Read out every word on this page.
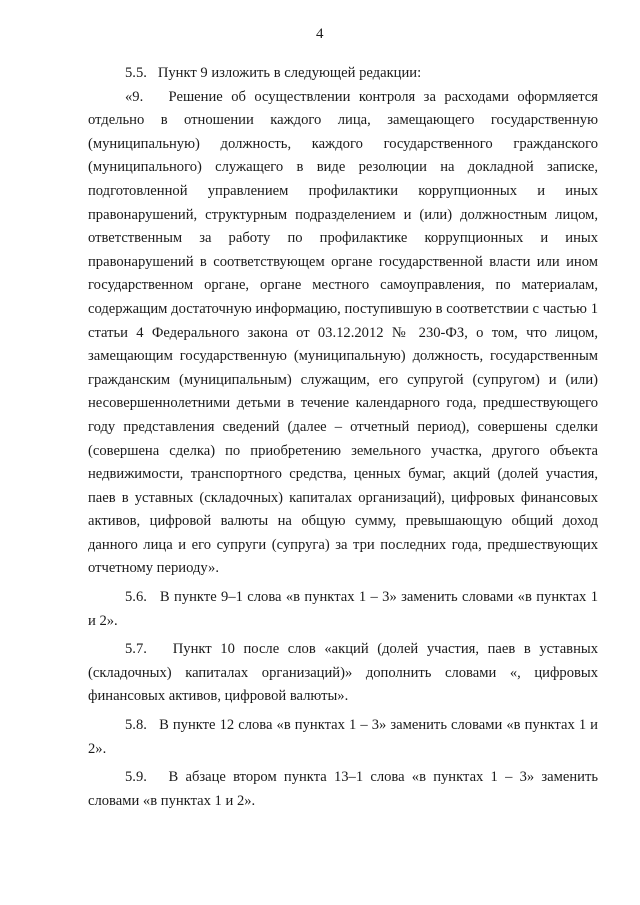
4

5.5.   Пункт 9 изложить в следующей редакции:

«9.   Решение об осуществлении контроля за расходами оформляется отдельно в отношении каждого лица, замещающего государственную (муниципальную) должность, каждого государственного гражданского (муниципального) служащего в виде резолюции на докладной записке, подготовленной управлением профилактики коррупционных и иных правонарушений, структурным подразделением и (или) должностным лицом, ответственным за работу по профилактике коррупционных и иных правонарушений в соответствующем органе государственной власти или ином государственном органе, органе местного самоуправления, по материалам, содержащим достаточную информацию, поступившую в соответствии с частью 1 статьи 4 Федерального закона от 03.12.2012 № 230-ФЗ, о том, что лицом, замещающим государственную (муниципальную) должность, государственным гражданским (муниципальным) служащим, его супругой (супругом) и (или) несовершеннолетними детьми в течение календарного года, предшествующего году представления сведений (далее – отчетный период), совершены сделки (совершена сделка) по приобретению земельного участка, другого объекта недвижимости, транспортного средства, ценных бумаг, акций (долей участия, паев в уставных (складочных) капиталах организаций), цифровых финансовых активов, цифровой валюты на общую сумму, превышающую общий доход данного лица и его супруги (супруга) за три последних года, предшествующих отчетному периоду».

5.6.   В пункте 9–1 слова «в пунктах 1 – 3» заменить словами «в пунктах 1 и 2».

5.7.   Пункт 10 после слов «акций (долей участия, паев в уставных (складочных) капиталах организаций)» дополнить словами «, цифровых финансовых активов, цифровой валюты».

5.8.   В пункте 12 слова «в пунктах 1 – 3» заменить словами «в пунктах 1 и 2».

5.9.   В абзаце втором пункта 13–1 слова «в пунктах 1 – 3» заменить словами «в пунктах 1 и 2».
